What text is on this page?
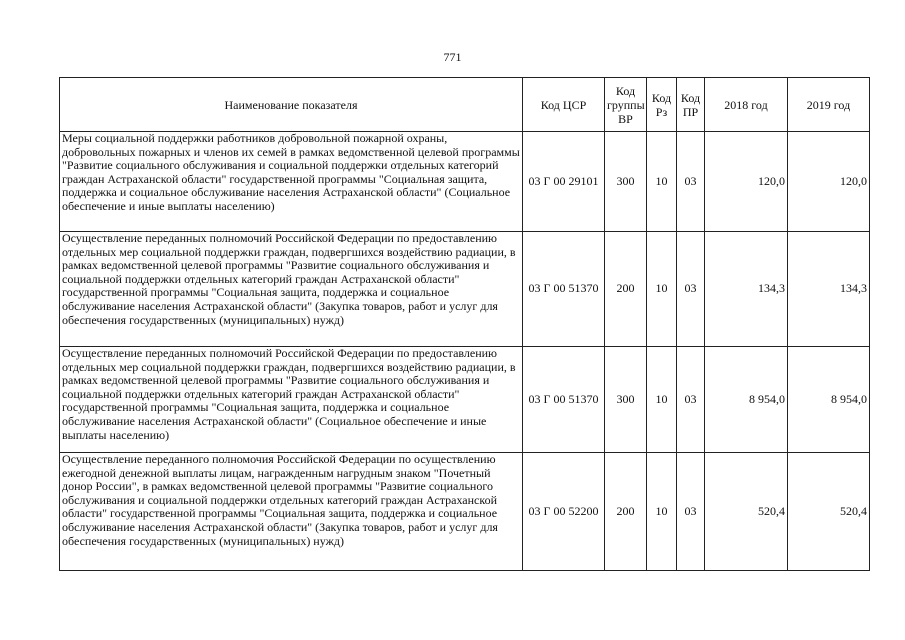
771
Наименование показателя	Код ЦСР	Код группы ВР	Код Рз	Код ПР	2018 год	2019 год
Меры социальной поддержки работников добровольной пожарной охраны, добровольных пожарных и членов их семей в рамках ведомственной целевой программы "Развитие социального обслуживания и социальной поддержки отдельных категорий граждан Астраханской области" государственной программы "Социальная защита, поддержка и социальное обслуживание населения Астраханской области" (Социальное обеспечение и иные выплаты населению)	03 Г 00 29101	300	10	03	120,0	120,0
Осуществление переданных полномочий Российской Федерации по предоставлению отдельных мер социальной поддержки граждан, подвергшихся воздействию радиации, в рамках ведомственной целевой программы "Развитие социального обслуживания и социальной поддержки отдельных категорий граждан Астраханской области" государственной программы "Социальная защита, поддержка и социальное обслуживание населения Астраханской области" (Закупка товаров, работ и услуг для обеспечения государственных (муниципальных) нужд)	03 Г 00 51370	200	10	03	134,3	134,3
Осуществление переданных полномочий Российской Федерации по предоставлению отдельных мер социальной поддержки граждан, подвергшихся воздействию радиации, в рамках ведомственной целевой программы "Развитие социального обслуживания и социальной поддержки отдельных категорий граждан Астраханской области" государственной программы "Социальная защита, поддержка и социальное обслуживание населения Астраханской области" (Социальное обеспечение и иные выплаты населению)	03 Г 00 51370	300	10	03	8 954,0	8 954,0
Осуществление переданного полномочия Российской Федерации по осуществлению ежегодной денежной выплаты лицам, награжденным нагрудным знаком "Почетный донор России", в рамках ведомственной целевой программы "Развитие социального обслуживания и социальной поддержки отдельных категорий граждан Астраханской области" государственной программы "Социальная защита, поддержка и социальное обслуживание населения Астраханской области" (Закупка товаров, работ и услуг для обеспечения государственных (муниципальных) нужд)	03 Г 00 52200	200	10	03	520,4	520,4
